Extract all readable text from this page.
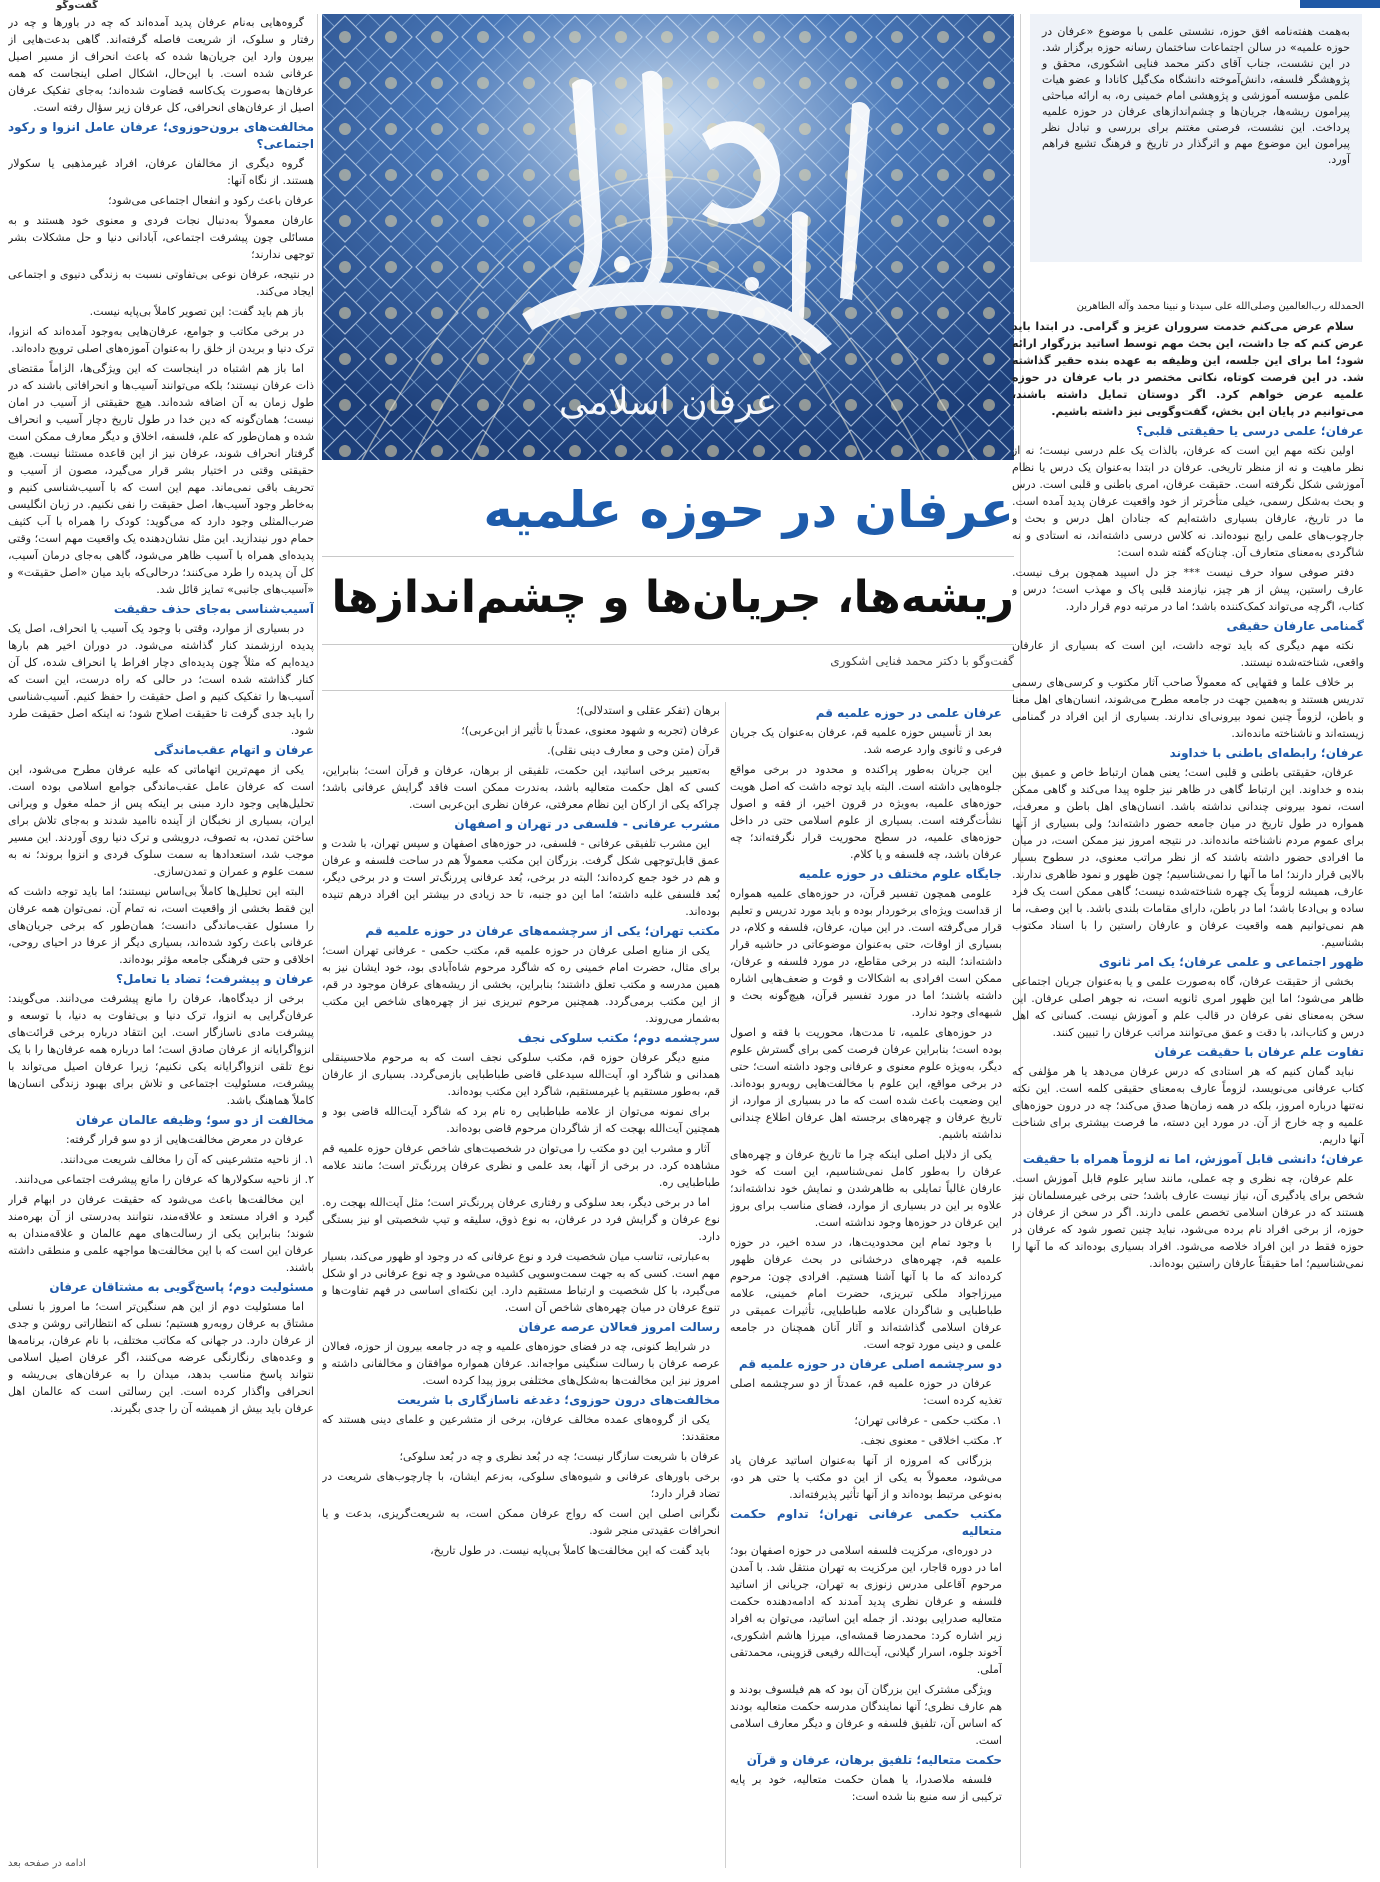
گفت‌وگو
به‌همت هفته‌نامه افق حوزه، نشستی علمی با موضوع «عرفان در حوزه علمیه» در سالن اجتماعات ساختمان رسانه حوزه برگزار شد. در این نشست، جناب آقای دکتر محمد فنایی اشکوری، محقق و پژوهشگر فلسفه، دانش‌آموخته دانشگاه مک‌گیل کانادا و عضو هیات علمی مؤسسه آموزشی و پژوهشی امام خمینی ره، به ارائه مباحثی پیرامون ریشه‌ها، جریان‌ها و چشم‌اندازهای عرفان در حوزه علمیه پرداخت. این نشست، فرصتی مغتنم برای بررسی و تبادل نظر پیرامون این موضوع مهم و اثرگذار در تاریخ و فرهنگ تشیع فراهم آورد.
عرفان اسلامی
عرفان در حوزه علمیه
ریشه‌ها، جریان‌ها و چشم‌اندازها
گفت‌وگو با دکتر محمد فنایی اشکوری

الحمدلله رب‌العالمین وصلی‌الله علی سیدنا و نبینا محمد وآله الطاهرین

سلام عرض می‌کنم خدمت سروران عزیز و گرامی. در ابتدا باید عرض کنم که جا داشت، این بحث مهم توسط اساتید بزرگوار ارائه شود؛ اما برای این جلسه، این وظیفه به عهده بنده حقیر گذاشته شد. در این فرصت کوتاه، نکاتی مختصر در باب عرفان در حوزه علمیه عرض خواهم کرد. اگر دوستان تمایل داشته باشند، می‌توانیم در پایان این بخش، گفت‌وگویی نیز داشته باشیم.

عرفان؛ علمی درسی یا حقیقتی قلبی؟

اولین نکته مهم این است که عرفان، بالذات یک علم درسی نیست؛ نه از نظر ماهیت و نه از منظر تاریخی. عرفان در ابتدا به‌عنوان یک درس یا نظام آموزشی شکل نگرفته است. حقیقت عرفان، امری باطنی و قلبی است. درس و بحث به‌شکل رسمی، خیلی متأخرتر از خود واقعیت عرفان پدید آمده است. ما در تاریخ، عارفان بسیاری داشته‌ایم که جنادان اهل درس و بحث و جارچوب‌های علمی رایج نبوده‌اند. نه کلاس درسی داشته‌اند، نه استادی و نه شاگردی به‌معنای متعارف آن. چنان‌که گفته شده است:

دفتر صوفی سواد حرف نیست *** جز دل اسپید همچون برف نیست. عارف راستین، پیش از هر چیز، نیازمند قلبی پاک و مهذب است؛ درس و کتاب، اگرچه می‌تواند کمک‌کننده باشد؛ اما در مرتبه دوم قرار دارد.

گمنامی عارفان حقیقی

نکته مهم دیگری که باید توجه داشت، این است که بسیاری از عارفان واقعی، شناخته‌شده نیستند.

بر خلاف علما و فقهایی که معمولاً صاحب آثار مکتوب و کرسی‌های رسمی تدریس هستند و به‌همین جهت در جامعه مطرح می‌شوند، انسان‌های اهل معنا و باطن، لزوماً چنین نمود بیرونی‌ای ندارند. بسیاری از این افراد در گمنامی زیسته‌اند و ناشناخته مانده‌اند.

عرفان؛ رابطه‌ای باطنی با خداوند

عرفان، حقیقتی باطنی و قلبی است؛ یعنی همان ارتباط خاص و عمیق بین بنده و خداوند. این ارتباط گاهی در ظاهر نیز جلوه پیدا می‌کند و گاهی ممکن است، نمود بیرونی چندانی نداشته باشد. انسان‌های اهل باطن و معرفت، همواره در طول تاریخ در میان جامعه حضور داشته‌اند؛ ولی بسیاری از آنها برای عموم مردم ناشناخته مانده‌اند. در نتیجه امروز نیز ممکن است، در میان ما افرادی حضور داشته باشند که از نظر مراتب معنوی، در سطوح بسیار بالایی قرار دارند؛ اما ما آنها را نمی‌شناسیم؛ چون ظهور و نمود ظاهری ندارند. عارف، همیشه لزوماً یک چهره شناخته‌شده نیست؛ گاهی ممکن است یک فرد ساده و بی‌ادعا باشد؛ اما در باطن، دارای مقامات بلندی باشد. با این وصف، ما هم نمی‌توانیم همه واقعیت عرفان و عارفان راستین را با اسناد مکتوب بشناسیم.

ظهور اجتماعی و علمی عرفان؛ یک امر ثانوی

بخشی از حقیقت عرفان، گاه به‌صورت علمی و یا به‌عنوان جریان اجتماعی ظاهر می‌شود؛ اما این ظهور امری ثانویه است، نه جوهر اصلی عرفان. این سخن به‌معنای نفی عرفان در قالب علم و آموزش نیست. کسانی که اهل درس و کتاب‌اند، با دقت و عمق می‌توانند مراتب عرفان را تبیین کنند.

تفاوت علم عرفان با حقیقت عرفان

نباید گمان کنیم که هر استادی که درس عرفان می‌دهد یا هر مؤلفی که کتاب عرفانی می‌نویسد، لزوماً عارف به‌معنای حقیقی کلمه است. این نکته نه‌تنها درباره امروز، بلکه در همه زمان‌ها صدق می‌کند؛ چه در درون حوزه‌های علمیه و چه خارج از آن. در مورد این دسته، ما فرصت بیشتری برای شناخت آنها داریم.

عرفان؛ دانشی قابل آموزش، اما نه لزوماً همراه با حقیقت

علم عرفان، چه نظری و چه عملی، مانند سایر علوم قابل آموزش است. شخص برای یادگیری آن، نیاز نیست عارف باشد؛ حتی برخی غیرمسلمانان نیز هستند که در عرفان اسلامی تخصص علمی دارند. اگر در سخن از عرفان در حوزه، از برخی افراد نام برده می‌شود، نباید چنین تصور شود که عرفان در حوزه فقط در این افراد خلاصه می‌شود. افراد بسیاری بوده‌اند که ما آنها را نمی‌شناسیم؛ اما حقیقتاً عارفان راستین بوده‌اند.

عرفان علمی در حوزه علمیه قم

بعد از تأسیس حوزه علمیه قم، عرفان به‌عنوان یک جریان فرعی و ثانوی وارد عرصه شد.

این جریان به‌طور پراکنده و محدود در برخی مواقع جلوه‌هایی داشته است. البته باید توجه داشت که اصل هویت حوزه‌های علمیه، به‌ویژه در قرون اخیر، از فقه و اصول نشأت‌گرفته است. بسیاری از علوم اسلامی حتی در داخل حوزه‌های علمیه، در سطح محوریت قرار نگرفته‌اند؛ چه عرفان باشد، چه فلسفه و یا کلام.

جایگاه علوم مختلف در حوزه علمیه

علومی همچون تفسیر قرآن، در حوزه‌های علمیه همواره از قداست ویژه‌ای برخوردار بوده و باید مورد تدریس و تعلیم قرار می‌گرفته است. در این میان، عرفان، فلسفه و کلام، در بسیاری از اوقات، حتی به‌عنوان موضوعاتی در حاشیه قرار داشته‌اند؛ البته در برخی مقاطع، در مورد فلسفه و عرفان، ممکن است افرادی به اشکالات و قوت و ضعف‌هایی اشاره داشته باشند؛ اما در مورد تفسیر قرآن، هیچ‌گونه بحث و شبهه‌ای وجود ندارد.

در حوزه‌های علمیه، تا مدت‌ها، محوریت با فقه و اصول بوده است؛ بنابراین عرفان فرصت کمی برای گسترش علوم دیگر، به‌ویژه علوم معنوی و عرفانی وجود داشته است؛ حتی در برخی مواقع، این علوم با مخالفت‌هایی روبه‌رو بوده‌اند. این وضعیت باعث شده است که ما در بسیاری از موارد، از تاریخ عرفان و چهره‌های برجسته اهل عرفان اطلاع چندانی نداشته باشیم.

یکی از دلایل اصلی اینکه چرا ما تاریخ عرفان و چهره‌های عرفان را به‌طور کامل نمی‌شناسیم، این است که خود عارفان غالباً تمایلی به ظاهرشدن و نمایش خود نداشته‌اند؛ علاوه بر این در بسیاری از موارد، فضای مناسب برای بروز این عرفان در حوزه‌ها وجود نداشته است.

با وجود تمام این محدودیت‌ها، در سده اخیر، در حوزه علمیه قم، چهره‌های درخشانی در بحث عرفان ظهور کرده‌اند که ما با آنها آشنا هستیم. افرادی چون: مرحوم میرزاجواد ملکی تبریزی، حضرت امام خمینی، علامه طباطبایی و شاگردان علامه طباطبایی، تأثیرات عمیقی در عرفان اسلامی گذاشته‌اند و آثار آنان همچنان در جامعه علمی و دینی مورد توجه است.

دو سرچشمه اصلی عرفان در حوزه علمیه قم

عرفان در حوزه علمیه قم، عمدتاً از دو سرچشمه اصلی تغذیه کرده است:

۱. مکتب حکمی - عرفانی تهران؛

۲. مکتب اخلاقی - معنوی نجف.

بزرگانی که امروزه از آنها به‌عنوان اساتید عرفان یاد می‌شود، معمولاً به یکی از این دو مکتب یا حتی هر دو، به‌نوعی مرتبط بوده‌اند و از آنها تأثیر پذیرفته‌اند.

مکتب حکمی عرفانی تهران؛ تداوم حکمت متعالیه

در دوره‌ای، مرکزیت فلسفه اسلامی در حوزه اصفهان بود؛ اما در دوره قاجار، این مرکزیت به تهران منتقل شد. با آمدن مرحوم آقاعلی مدرس زنوزی به تهران، جریانی از اساتید فلسفه و عرفان نظری پدید آمدند که ادامه‌دهنده حکمت متعالیه صدرایی بودند. از جمله این اساتید، می‌توان به افراد زیر اشاره کرد: محمدرضا قمشه‌ای، میرزا هاشم اشکوری، آخوند جلوه، اسرار گیلانی، آیت‌الله رفیعی قزوینی، محمدتقی آملی.

ویژگی مشترک این بزرگان آن بود که هم فیلسوف بودند و هم عارف نظری؛ آنها نمایندگان مدرسه حکمت متعالیه بودند که اساس آن، تلفیق فلسفه و عرفان و دیگر معارف اسلامی است.

حکمت متعالیه؛ تلفیق برهان، عرفان و قرآن

فلسفه ملاصدرا، یا همان حکمت متعالیه، خود بر پایه ترکیبی از سه منبع بنا شده است:

برهان (تفکر عقلی و استدلالی)؛

عرفان (تجربه و شهود معنوی، عمدتاً با تأثیر از ابن‌عربی)؛

قرآن (متن وحی و معارف دینی نقلی).

به‌تعبیر برخی اساتید، این حکمت، تلفیقی از برهان، عرفان و قرآن است؛ بنابراین، کسی که اهل حکمت متعالیه باشد، به‌ندرت ممکن است فاقد گرایش عرفانی باشد؛ چراکه یکی از ارکان این نظام معرفتی، عرفان نظری ابن‌عربی است.

مشرب عرفانی - فلسفی در تهران و اصفهان

این مشرب تلفیقی عرفانی - فلسفی، در حوزه‌های اصفهان و سپس تهران، با شدت و عمق قابل‌توجهی شکل گرفت. بزرگان این مکتب معمولاً هم در ساحت فلسفه و عرفان و هم در خود جمع کرده‌اند؛ البته در برخی، بُعد عرفانی پررنگ‌تر است و در برخی دیگر، بُعد فلسفی غلبه داشته؛ اما این دو جنبه، تا حد زیادی در بیشتر این افراد درهم تنیده بوده‌اند.

مکتب تهران؛ یکی از سرچشمه‌های عرفان در حوزه علمیه قم

یکی از منابع اصلی عرفان در حوزه علمیه قم، مکتب حکمی - عرفانی تهران است؛ برای مثال، حضرت امام خمینی ره که شاگرد مرحوم شاه‌آبادی بود، خود ایشان نیز به همین مدرسه و مکتب تعلق داشتند؛ بنابراین، بخشی از ریشه‌های عرفان موجود در قم، از این مکتب برمی‌گردد. همچنین مرحوم تبریزی نیز از چهره‌های شاخص این مکتب به‌شمار می‌روند.

سرچشمه دوم؛ مکتب سلوکی نجف

منبع دیگر عرفان حوزه قم، مکتب سلوکی نجف است که به مرحوم ملاحسینقلی همدانی و شاگرد او، آیت‌الله سیدعلی قاضی طباطبایی بازمی‌گردد. بسیاری از عارفان قم، به‌طور مستقیم یا غیرمستقیم، شاگرد این مکتب بوده‌اند.

برای نمونه می‌توان از علامه طباطبایی ره نام برد که شاگرد آیت‌الله قاضی بود و همچنین آیت‌الله بهجت که از شاگردان مرحوم قاضی بوده‌اند.

آثار و مشرب این دو مکتب را می‌توان در شخصیت‌های شاخص عرفان حوزه علمیه قم مشاهده کرد. در برخی از آنها، بعد علمی و نظری عرفان پررنگ‌تر است؛ مانند علامه طباطبایی ره.

اما در برخی دیگر، بعد سلوکی و رفتاری عرفان پررنگ‌تر است؛ مثل آیت‌الله بهجت ره. نوع عرفان و گرایش فرد در عرفان، به نوع ذوق، سلیقه و تیپ شخصیتی او نیز بستگی دارد.

به‌عبارتی، تناسب میان شخصیت فرد و نوع عرفانی که در وجود او ظهور می‌کند، بسیار مهم است. کسی که به جهت سمت‌وسویی کشیده می‌شود و چه نوع عرفانی در او شکل می‌گیرد، با کل شخصیت و ارتباط مستقیم دارد. این نکته‌ای اساسی در فهم تفاوت‌ها و تنوع عرفان در میان چهره‌های شاخص آن است.

رسالت امروز فعالان عرصه عرفان

در شرایط کنونی، چه در فضای حوزه‌های علمیه و چه در جامعه بیرون از حوزه، فعالان عرصه عرفان با رسالت سنگینی مواجه‌اند. عرفان همواره موافقان و مخالفانی داشته و امروز نیز این مخالفت‌ها به‌شکل‌های مختلفی بروز پیدا کرده است.

مخالفت‌های درون حوزوی؛ دغدغه ناسازگاری با شریعت

یکی از گروه‌های عمده مخالف عرفان، برخی از متشرعین و علمای دینی هستند که معتقدند:

عرفان با شریعت سازگار نیست؛ چه در بُعد نظری و چه در بُعد سلوکی؛

برخی باورهای عرفانی و شیوه‌های سلوکی، به‌زعم ایشان، با چارچوب‌های شریعت در تضاد قرار دارد؛

نگرانی اصلی این است که رواج عرفان ممکن است، به شریعت‌گریزی، بدعت و یا انحرافات عقیدتی منجر شود.

باید گفت که این مخالفت‌ها کاملاً بی‌پایه نیست. در طول تاریخ،

گروه‌هایی به‌نام عرفان پدید آمده‌اند که چه در باورها و چه در رفتار و سلوک، از شریعت فاصله گرفته‌اند. گاهی بدعت‌هایی از بیرون وارد این جریان‌ها شده که باعث انحراف از مسیر اصیل عرفانی شده است. با این‌حال، اشکال اصلی اینجاست که همه عرفان‌ها به‌صورت یک‌کاسه قضاوت شده‌اند؛ به‌جای تفکیک عرفان اصیل از عرفان‌های انحرافی، کل عرفان زیر سؤال رفته است.

مخالفت‌های برون‌حوزوی؛ عرفان عامل انزوا و رکود اجتماعی؟

گروه دیگری از مخالفان عرفان، افراد غیرمذهبی یا سکولار هستند. از نگاه آنها:

عرفان باعث رکود و انفعال اجتماعی می‌شود؛

عارفان معمولاً به‌دنبال نجات فردی و معنوی خود هستند و به مسائلی چون پیشرفت اجتماعی، آبادانی دنیا و حل مشکلات بشر توجهی ندارند؛

در نتیجه، عرفان نوعی بی‌تفاوتی نسبت به زندگی دنیوی و اجتماعی ایجاد می‌کند.

باز هم باید گفت: این تصویر کاملاً بی‌پایه نیست.

در برخی مکاتب و جوامع، عرفان‌هایی به‌وجود آمده‌اند که انزوا، ترک دنیا و بریدن از خلق را به‌عنوان آموزه‌های اصلی ترویج داده‌اند.

اما باز هم اشتباه در اینجاست که این ویژگی‌ها، الزاماً مقتضای ذات عرفان نیستند؛ بلکه می‌توانند آسیب‌ها و انحرافاتی باشند که در طول زمان به آن اضافه شده‌اند. هیچ حقیقتی از آسیب در امان نیست؛ همان‌گونه که دین خدا در طول تاریخ دچار آسیب و انحراف شده و همان‌طور که علم، فلسفه، اخلاق و دیگر معارف ممکن است گرفتار انحراف شوند، عرفان نیز از این قاعده مستثنا نیست. هیچ حقیقتی وقتی در اختیار بشر قرار می‌گیرد، مصون از آسیب و تحریف باقی نمی‌ماند. مهم این است که با آسیب‌شناسی کنیم و به‌خاطر وجود آسیب‌ها، اصل حقیقت را نفی نکنیم. در زبان انگلیسی ضرب‌المثلی وجود دارد که می‌گوید: کودک را همراه با آب کثیف حمام دور نیندازید. این مثل نشان‌دهنده یک واقعیت مهم است؛ وقتی پدیده‌ای همراه با آسیب ظاهر می‌شود، گاهی به‌جای درمان آسیب، کل آن پدیده را طرد می‌کنند؛ درحالی‌که باید میان «اصل حقیقت» و «آسیب‌های جانبی» تمایز قائل شد.

آسیب‌شناسی به‌جای حذف حقیقت

در بسیاری از موارد، وقتی با وجود یک آسیب یا انحراف، اصل یک پدیده ارزشمند کنار گذاشته می‌شود. در دوران اخیر هم بارها دیده‌ایم که مثلاً چون پدیده‌ای دچار افراط یا انحراف شده، کل آن کنار گذاشته شده است؛ در حالی که راه درست، این است که آسیب‌ها را تفکیک کنیم و اصل حقیقت را حفظ کنیم. آسیب‌شناسی را باید جدی گرفت تا حقیقت اصلاح شود؛ نه اینکه اصل حقیقت طرد شود.

عرفان و اتهام عقب‌ماندگی

یکی از مهم‌ترین اتهاماتی که علیه عرفان مطرح می‌شود، این است که عرفان عامل عقب‌ماندگی جوامع اسلامی بوده است. تحلیل‌هایی وجود دارد مبنی بر اینکه پس از حمله مغول و ویرانی ایران، بسیاری از نخبگان از آینده ناامید شدند و به‌جای تلاش برای ساختن تمدن، به تصوف، درویشی و ترک دنیا روی آوردند. این مسیر موجب شد، استعدادها به سمت سلوک فردی و انزوا بروند؛ نه به سمت علوم و عمران و تمدن‌سازی.

البته این تحلیل‌ها کاملاً بی‌اساس نیستند؛ اما باید توجه داشت که این فقط بخشی از واقعیت است، نه تمام آن. نمی‌توان همه عرفان را مسئول عقب‌ماندگی دانست؛ همان‌طور که برخی جریان‌های عرفانی باعث رکود شده‌اند، بسیاری دیگر از عرفا در احیای روحی، اخلاقی و حتی فرهنگی جامعه مؤثر بوده‌اند.

عرفان و پیشرفت؛ تضاد یا تعامل؟

برخی از دیدگاه‌ها، عرفان را مانع پیشرفت می‌دانند. می‌گویند: عرفان‌گرایی به انزوا، ترک دنیا و بی‌تفاوت به دنیا، با توسعه و پیشرفت مادی ناسازگار است. این انتقاد درباره برخی قرائت‌های انزواگرایانه از عرفان صادق است؛ اما درباره همه عرفان‌ها را با یک نوع تلقی انزواگرایانه یکی نکنیم؛ زیرا عرفان اصیل می‌تواند با پیشرفت، مسئولیت اجتماعی و تلاش برای بهبود زندگی انسان‌ها کاملاً هماهنگ باشد.

مخالفت از دو سو؛ وظیفه عالمان عرفان

عرفان در معرض مخالفت‌هایی از دو سو قرار گرفته:

۱. از ناحیه متشرعینی که آن را مخالف شریعت می‌دانند.

۲. از ناحیه سکولارها که عرفان را مانع پیشرفت اجتماعی می‌دانند.

این مخالفت‌ها باعث می‌شود که حقیقت عرفان در ابهام قرار گیرد و افراد مستعد و علاقه‌مند، نتوانند به‌درستی از آن بهره‌مند شوند؛ بنابراین یکی از رسالت‌های مهم عالمان و علاقه‌مندان به عرفان این است که با این مخالفت‌ها مواجهه علمی و منطقی داشته باشند.

مسئولیت دوم؛ پاسخ‌گویی به مشتاقان عرفان

اما مسئولیت دوم از این هم سنگین‌تر است؛ ما امروز با نسلی مشتاق به عرفان روبه‌رو هستیم؛ نسلی که انتظاراتی روشن و جدی از عرفان دارد. در جهانی که مکاتب مختلف، با نام عرفان، برنامه‌ها و وعده‌های رنگارنگی عرضه می‌کنند، اگر عرفان اصیل اسلامی نتواند پاسخ مناسب بدهد، میدان را به عرفان‌های بی‌ریشه و انحرافی واگذار کرده است. این رسالتی است که عالمان اهل عرفان باید بیش از همیشه آن را جدی بگیرند.

ادامه در صفحه بعد
